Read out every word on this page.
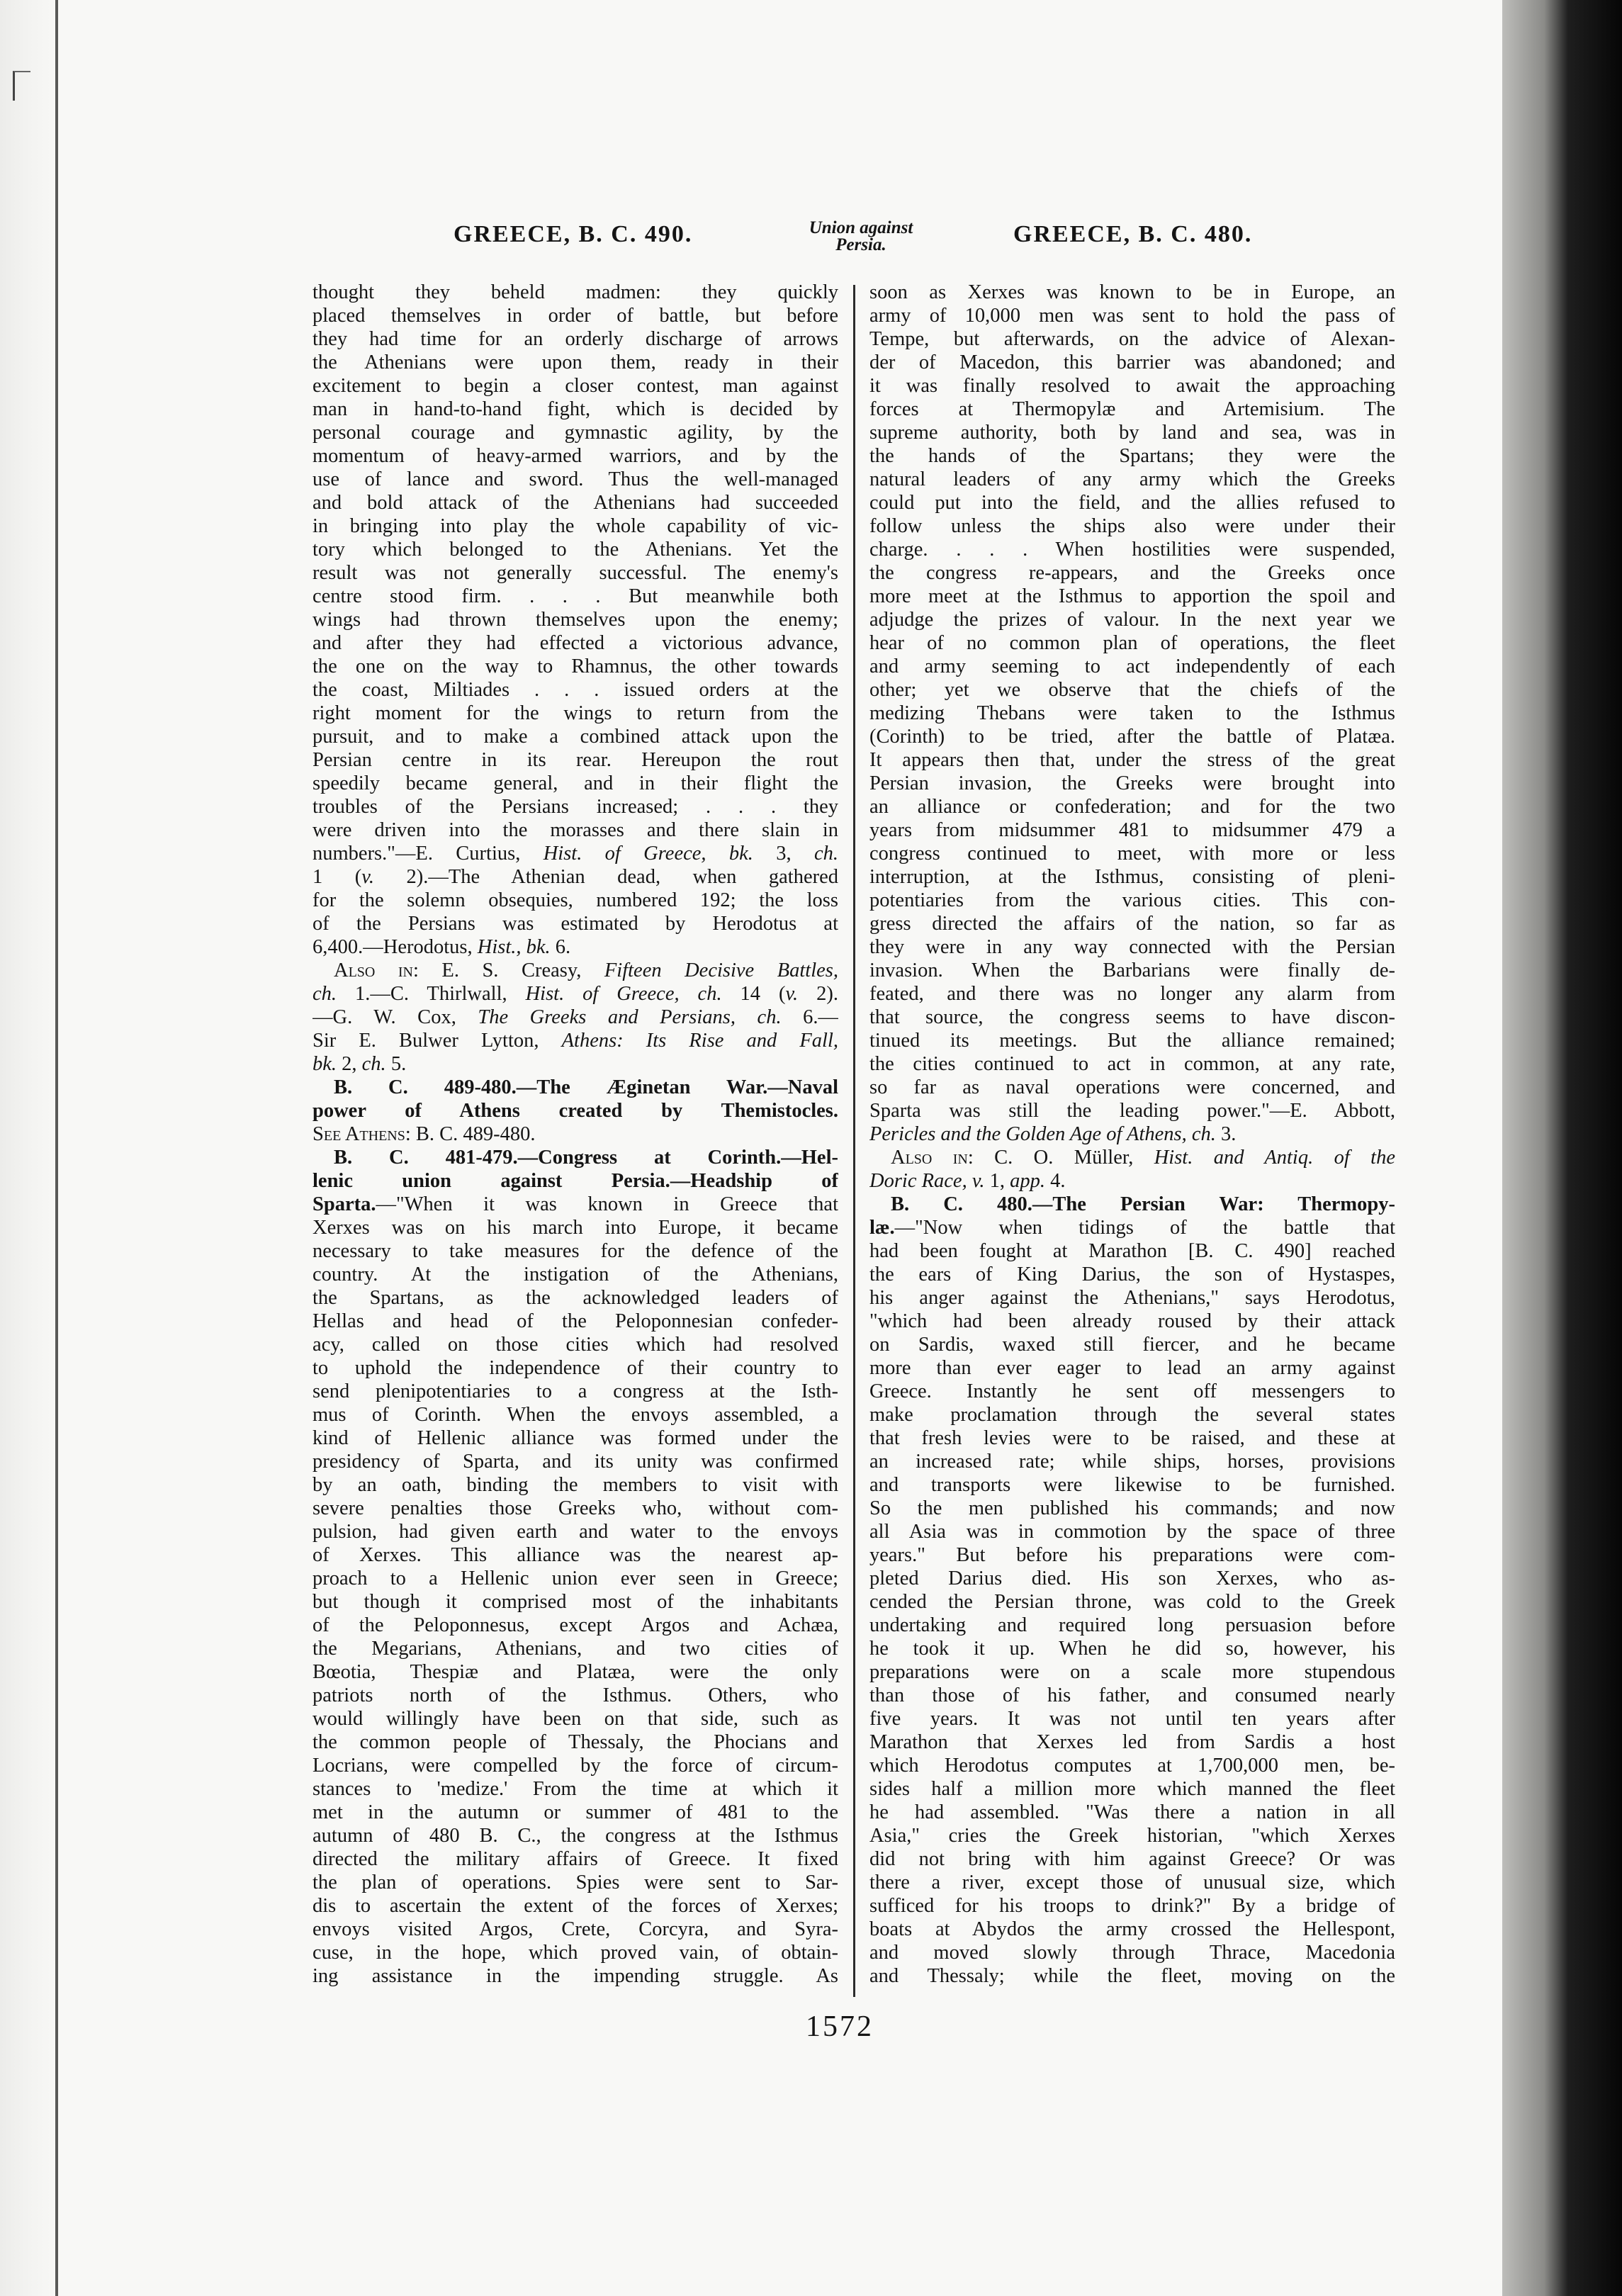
GREECE, B. C. 490.	Union against
Persia.	GREECE, B. C. 480.
thought they beheld madmen: they quickly
placed themselves in order of battle, but before
they had time for an orderly discharge of arrows
the Athenians were upon them, ready in their
excitement to begin a closer contest, man against
man in hand-to-hand fight, which is decided by
personal courage and gymnastic agility, by the
momentum of heavy-armed warriors, and by the
use of lance and sword. Thus the well-managed
and bold attack of the Athenians had succeeded
in bringing into play the whole capability of vic-
tory which belonged to the Athenians. Yet the
result was not generally successful. The enemy's
centre stood firm. . . . But meanwhile both
wings had thrown themselves upon the enemy;
and after they had effected a victorious advance,
the one on the way to Rhamnus, the other towards
the coast, Miltiades . . . issued orders at the
right moment for the wings to return from the
pursuit, and to make a combined attack upon the
Persian centre in its rear. Hereupon the rout
speedily became general, and in their flight the
troubles of the Persians increased; . . . they
were driven into the morasses and there slain in
numbers."—E. Curtius, Hist. of Greece, bk. 3, ch.
1 (v. 2).—The Athenian dead, when gathered
for the solemn obsequies, numbered 192; the loss
of the Persians was estimated by Herodotus at
6,400.—Herodotus, Hist., bk. 6.
Also in: E. S. Creasy, Fifteen Decisive Battles,
ch. 1.—C. Thirlwall, Hist. of Greece, ch. 14 (v. 2).
—G. W. Cox, The Greeks and Persians, ch. 6.—
Sir E. Bulwer Lytton, Athens: Its Rise and Fall,
bk. 2, ch. 5.
B. C. 489-480.—The Æginetan War.—Naval
power of Athens created by Themistocles.
See Athens: B. C. 489-480.
B. C. 481-479.—Congress at Corinth.—Hel-
lenic union against Persia.—Headship of
Sparta.—"When it was known in Greece that
Xerxes was on his march into Europe, it became
necessary to take measures for the defence of the
country. At the instigation of the Athenians,
the Spartans, as the acknowledged leaders of
Hellas and head of the Peloponnesian confeder-
acy, called on those cities which had resolved
to uphold the independence of their country to
send plenipotentiaries to a congress at the Isth-
mus of Corinth. When the envoys assembled, a
kind of Hellenic alliance was formed under the
presidency of Sparta, and its unity was confirmed
by an oath, binding the members to visit with
severe penalties those Greeks who, without com-
pulsion, had given earth and water to the envoys
of Xerxes. This alliance was the nearest ap-
proach to a Hellenic union ever seen in Greece;
but though it comprised most of the inhabitants
of the Peloponnesus, except Argos and Achæa,
the Megarians, Athenians, and two cities of
Bœotia, Thespiæ and Platæa, were the only
patriots north of the Isthmus. Others, who
would willingly have been on that side, such as
the common people of Thessaly, the Phocians and
Locrians, were compelled by the force of circum-
stances to 'medize.' From the time at which it
met in the autumn or summer of 481 to the
autumn of 480 B. C., the congress at the Isthmus
directed the military affairs of Greece. It fixed
the plan of operations. Spies were sent to Sar-
dis to ascertain the extent of the forces of Xerxes;
envoys visited Argos, Crete, Corcyra, and Syra-
cuse, in the hope, which proved vain, of obtain-
ing assistance in the impending struggle. As
soon as Xerxes was known to be in Europe, an
army of 10,000 men was sent to hold the pass of
Tempe, but afterwards, on the advice of Alexan-
der of Macedon, this barrier was abandoned; and
it was finally resolved to await the approaching
forces at Thermopylæ and Artemisium. The
supreme authority, both by land and sea, was in
the hands of the Spartans; they were the
natural leaders of any army which the Greeks
could put into the field, and the allies refused to
follow unless the ships also were under their
charge. . . . When hostilities were suspended,
the congress re-appears, and the Greeks once
more meet at the Isthmus to apportion the spoil and
adjudge the prizes of valour. In the next year we
hear of no common plan of operations, the fleet
and army seeming to act independently of each
other; yet we observe that the chiefs of the
medizing Thebans were taken to the Isthmus
(Corinth) to be tried, after the battle of Platæa.
It appears then that, under the stress of the great
Persian invasion, the Greeks were brought into
an alliance or confederation; and for the two
years from midsummer 481 to midsummer 479 a
congress continued to meet, with more or less
interruption, at the Isthmus, consisting of pleni-
potentiaries from the various cities. This con-
gress directed the affairs of the nation, so far as
they were in any way connected with the Persian
invasion. When the Barbarians were finally de-
feated, and there was no longer any alarm from
that source, the congress seems to have discon-
tinued its meetings. But the alliance remained;
the cities continued to act in common, at any rate,
so far as naval operations were concerned, and
Sparta was still the leading power."—E. Abbott,
Pericles and the Golden Age of Athens, ch. 3.
Also in: C. O. Müller, Hist. and Antiq. of the
Doric Race, v. 1, app. 4.
B. C. 480.—The Persian War: Thermopy-
læ.—"Now when tidings of the battle that
had been fought at Marathon [B. C. 490] reached
the ears of King Darius, the son of Hystaspes,
his anger against the Athenians," says Herodotus,
"which had been already roused by their attack
on Sardis, waxed still fiercer, and he became
more than ever eager to lead an army against
Greece. Instantly he sent off messengers to
make proclamation through the several states
that fresh levies were to be raised, and these at
an increased rate; while ships, horses, provisions
and transports were likewise to be furnished.
So the men published his commands; and now
all Asia was in commotion by the space of three
years." But before his preparations were com-
pleted Darius died. His son Xerxes, who as-
cended the Persian throne, was cold to the Greek
undertaking and required long persuasion before
he took it up. When he did so, however, his
preparations were on a scale more stupendous
than those of his father, and consumed nearly
five years. It was not until ten years after
Marathon that Xerxes led from Sardis a host
which Herodotus computes at 1,700,000 men, be-
sides half a million more which manned the fleet
he had assembled. "Was there a nation in all
Asia," cries the Greek historian, "which Xerxes
did not bring with him against Greece? Or was
there a river, except those of unusual size, which
sufficed for his troops to drink?" By a bridge of
boats at Abydos the army crossed the Hellespont,
and moved slowly through Thrace, Macedonia
and Thessaly; while the fleet, moving on the
1572
